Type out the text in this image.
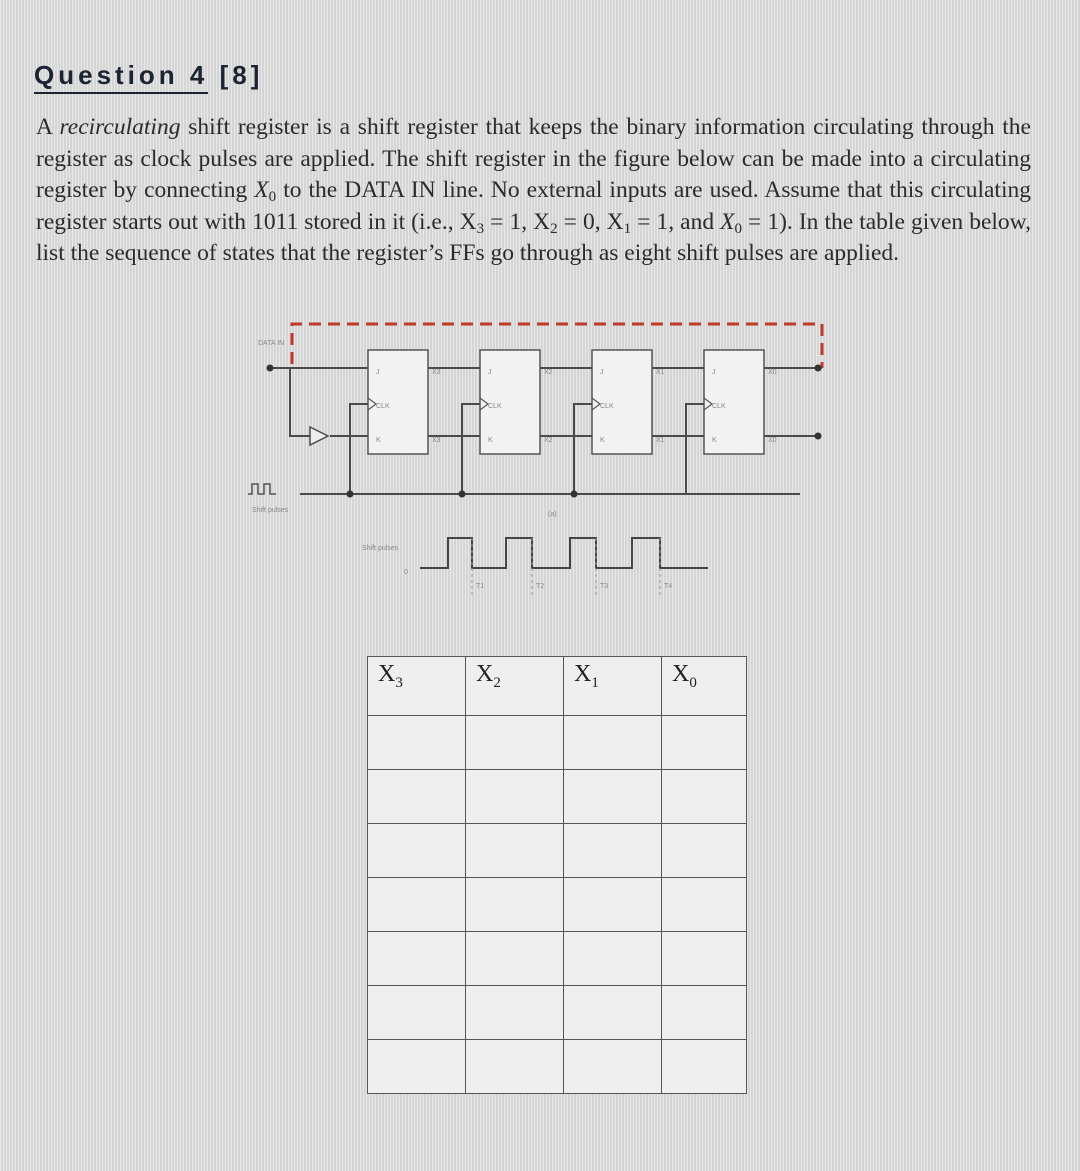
Question 4 [8]
A recirculating shift register is a shift register that keeps the binary information circulating through the register as clock pulses are applied. The shift register in the figure below can be made into a circulating register by connecting $X_0$ to the DATA IN line. No external inputs are used. Assume that this circulating register starts out with 1011 stored in it (i.e., $X_3 = 1$, $X_2 = 0$, $X_1 = 1$, and $X_0 = 1$). In the table given below, list the sequence of states that the register’s FFs go through as eight shift pulses are applied.
DATA IN
J
CLK
K
X3
X3
J
CLK
K
X2
X2
J
CLK
K
X1
X1
J
CLK
K
X0
X0
Shift pulses
(a)
Shift pulses
0
T1	T2	T3	T4
$X_3$	$X_2$	$X_1$	$X_0$
